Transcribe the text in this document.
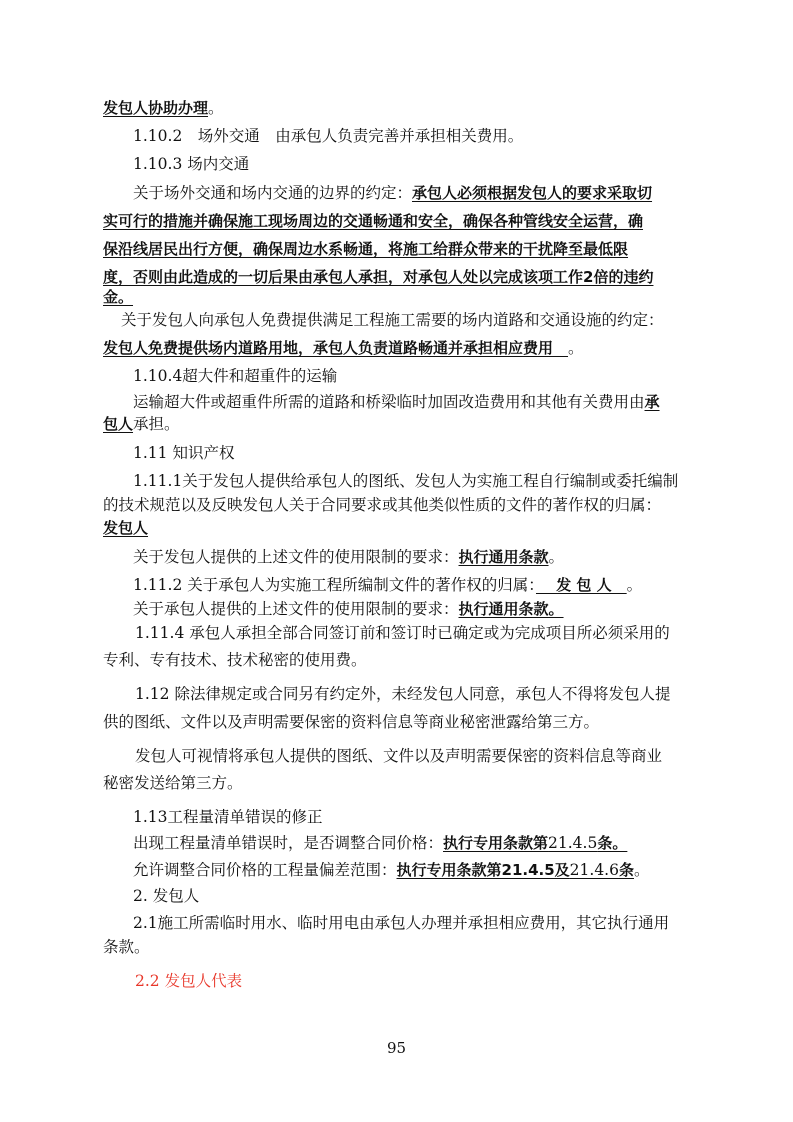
发包人协助办理。
1.10.2　场外交通　由承包人负责完善并承担相关费用。
1.10.3 场内交通
关于场外交通和场内交通的边界的约定：承包人必须根据发包人的要求采取切
实可行的措施并确保施工现场周边的交通畅通和安全，确保各种管线安全运营，确
保沿线居民出行方便，确保周边水系畅通，将施工给群众带来的干扰降至最低限
度，否则由此造成的一切后果由承包人承担，对承包人处以完成该项工作2倍的违约
金。
关于发包人向承包人免费提供满足工程施工需要的场内道路和交通设施的约定：
发包人免费提供场内道路用地，承包人负责道路畅通并承担相应费用　。
1.10.4超大件和超重件的运输
运输超大件或超重件所需的道路和桥梁临时加固改造费用和其他有关费用由承
包人承担。
1.11 知识产权
1.11.1关于发包人提供给承包人的图纸、发包人为实施工程自行编制或委托编制
的技术规范以及反映发包人关于合同要求或其他类似性质的文件的著作权的归属：
发包人
关于发包人提供的上述文件的使用限制的要求：执行通用条款。
1.11.2 关于承包人为实施工程所编制文件的著作权的归属：　 发 包 人　。
关于承包人提供的上述文件的使用限制的要求：执行通用条款。
1.11.4 承包人承担全部合同签订前和签订时已确定或为完成项目所必须采用的
专利、专有技术、技术秘密的使用费。
1.12 除法律规定或合同另有约定外，未经发包人同意，承包人不得将发包人提
供的图纸、文件以及声明需要保密的资料信息等商业秘密泄露给第三方。
发包人可视情将承包人提供的图纸、文件以及声明需要保密的资料信息等商业
秘密发送给第三方。
1.13工程量清单错误的修正
出现工程量清单错误时，是否调整合同价格：执行专用条款第21.4.5条。
允许调整合同价格的工程量偏差范围：执行专用条款第21.4.5及21.4.6条。
2. 发包人
2.1施工所需临时用水、临时用电由承包人办理并承担相应费用，其它执行通用
条款。
2.2 发包人代表
95
